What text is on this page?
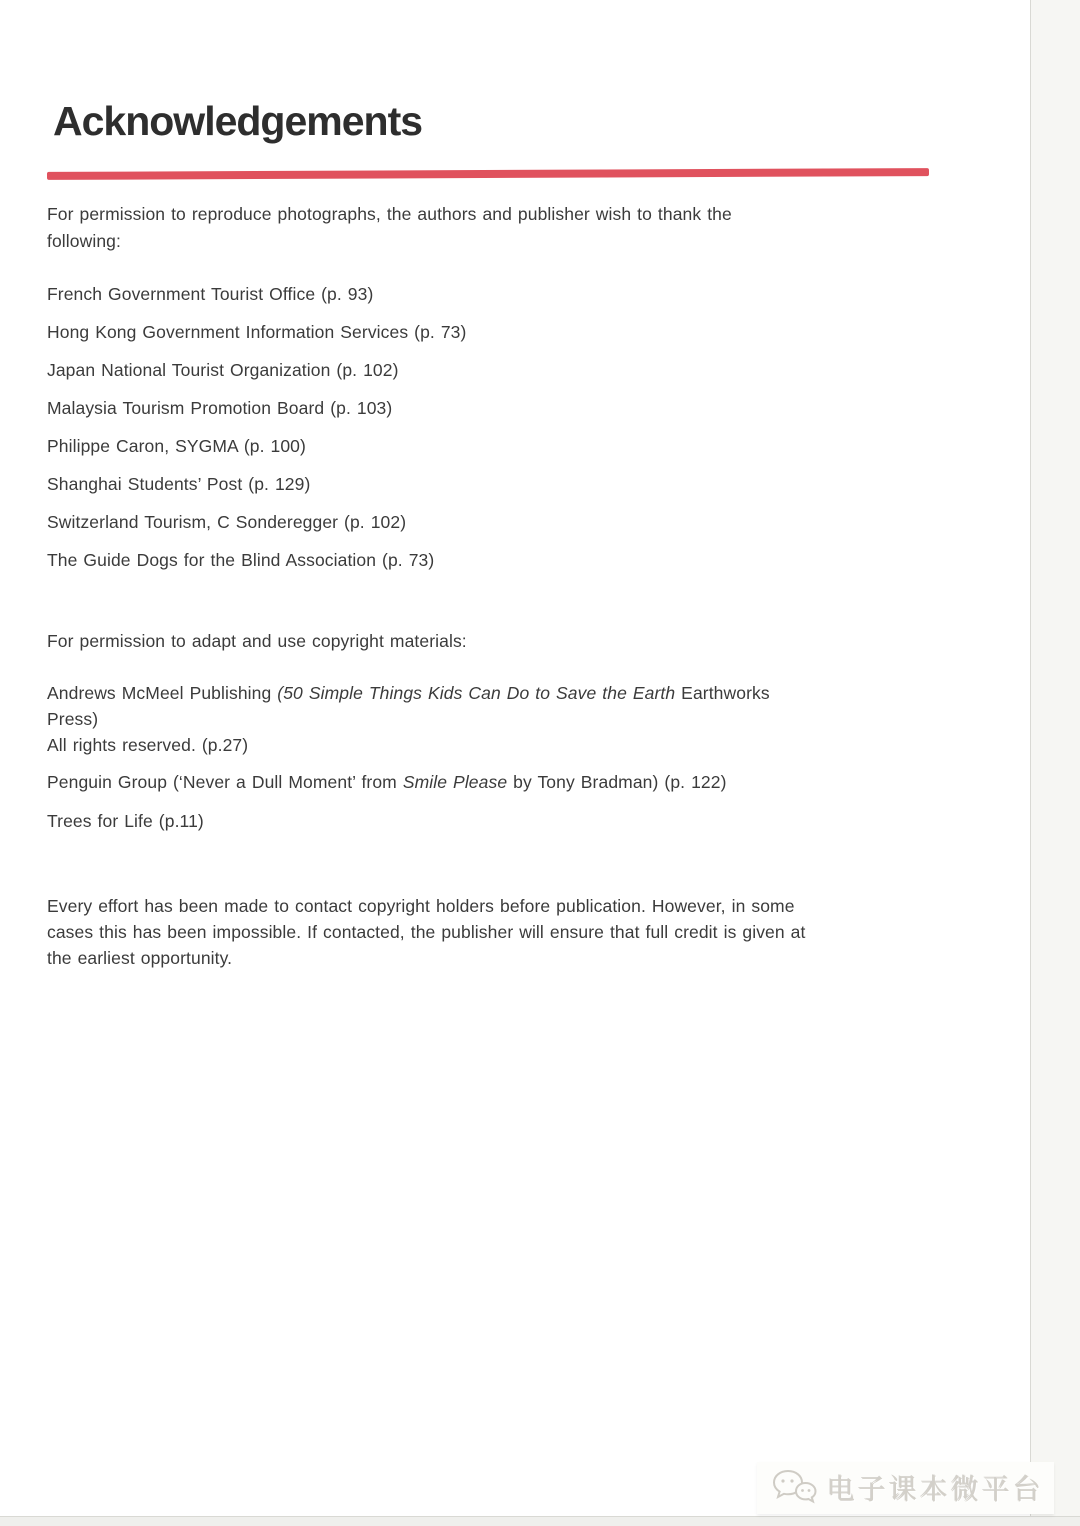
Acknowledgements
For permission to reproduce photographs, the authors and publisher wish to thank the
following:
French Government Tourist Office (p. 93)
Hong Kong Government Information Services (p. 73)
Japan National Tourist Organization (p. 102)
Malaysia Tourism Promotion Board (p. 103)
Philippe Caron, SYGMA (p. 100)
Shanghai Students’ Post (p. 129)
Switzerland Tourism, C Sonderegger (p. 102)
The Guide Dogs for the Blind Association (p. 73)
For permission to adapt and use copyright materials:
Andrews McMeel Publishing (50 Simple Things Kids Can Do to Save the Earth Earthworks
Press)
All rights reserved. (p.27)
Penguin Group (‘Never a Dull Moment’ from Smile Please by Tony Bradman) (p. 122)
Trees for Life (p.11)
Every effort has been made to contact copyright holders before publication. However, in some
cases this has been impossible. If contacted, the publisher will ensure that full credit is given at
the earliest opportunity.
电子课本微平台
